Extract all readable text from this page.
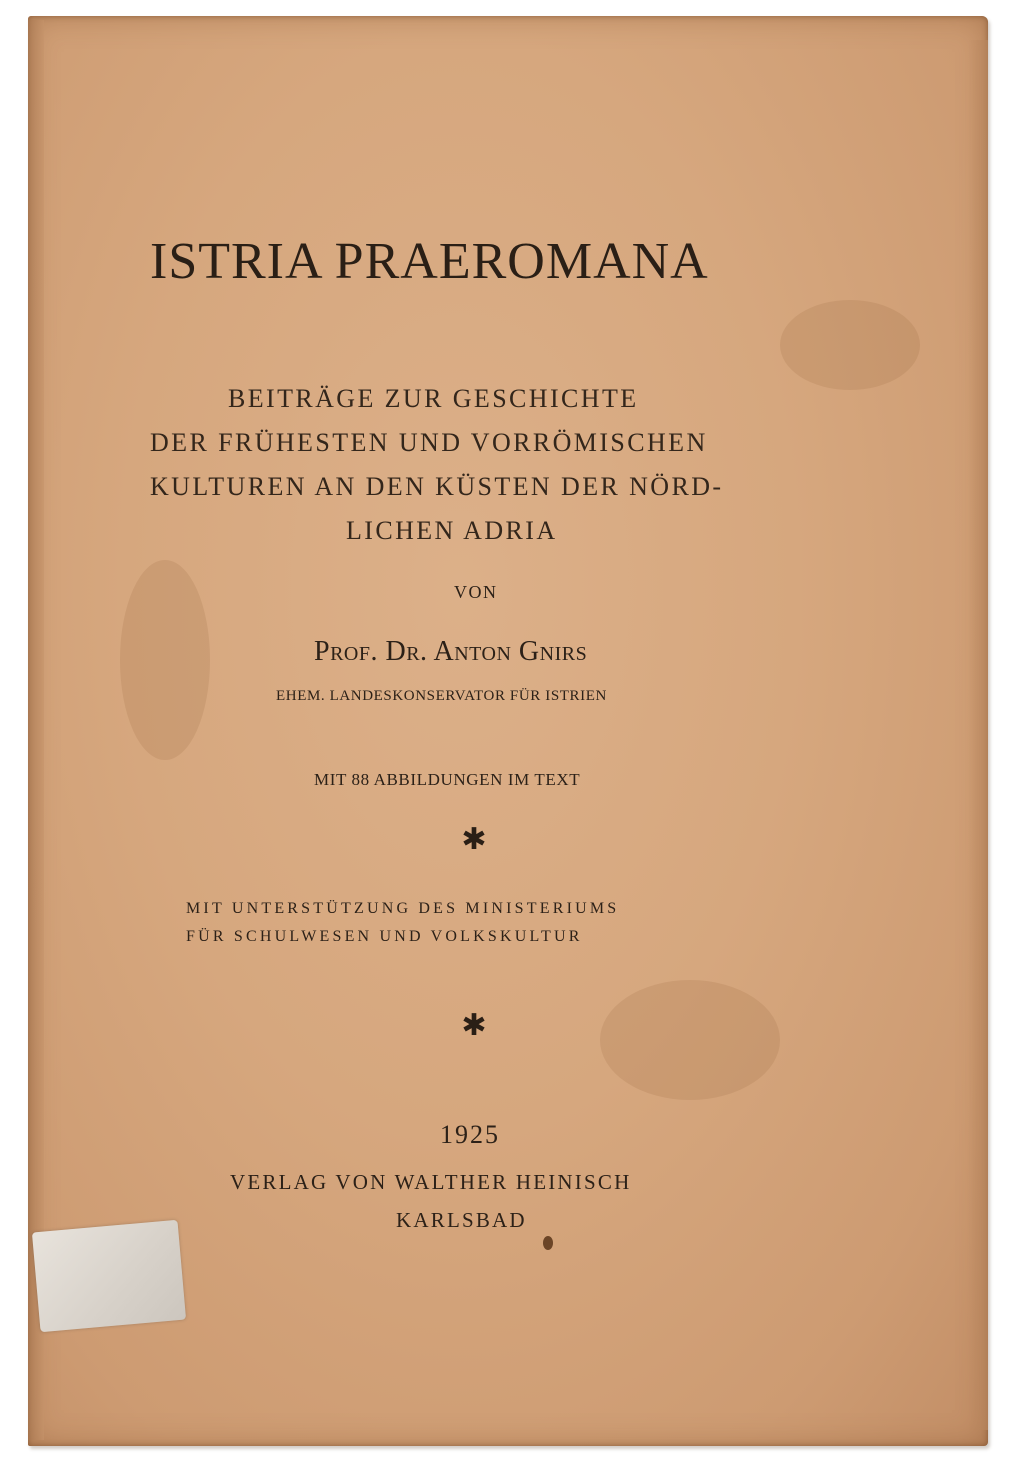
ISTRIA PRAEROMANA
BEITRÄGE ZUR GESCHICHTE
DER FRÜHESTEN UND VORRÖMISCHEN
KULTUREN AN DEN KÜSTEN DER NÖRD-
LICHEN ADRIA
VON
Prof. Dr. Anton Gnirs
EHEM. LANDESKONSERVATOR FÜR ISTRIEN
MIT 88 ABBILDUNGEN IM TEXT
✱
MIT UNTERSTÜTZUNG DES MINISTERIUMS
FÜR SCHULWESEN UND VOLKSKULTUR
✱
1925
VERLAG VON WALTHER HEINISCH
KARLSBAD
